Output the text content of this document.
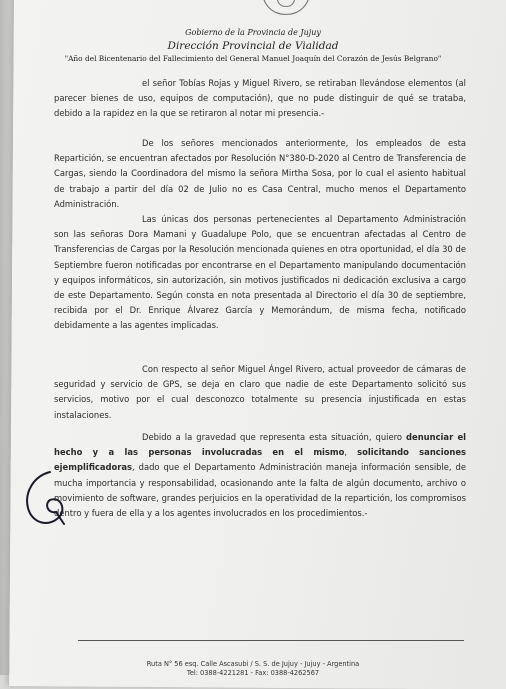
Gobierno de la Provincia de Jujuy
Dirección Provincial de Vialidad
"Año del Bicentenario del Fallecimiento del General Manuel Joaquín del Corazón de Jesús Belgrano"

el señor Tobías Rojas y Miguel Rivero, se retiraban llevándose elementos (al parecer bienes de uso, equipos de computación), que no pude distinguir de qué se trataba, debido a la rapidez en la que se retiraron al notar mi presencia.-

De los señores mencionados anteriormente, los empleados de esta Repartición, se encuentran afectados por Resolución N°380-D-2020 al Centro de Transferencia de Cargas, siendo la Coordinadora del mismo la señora Mirtha Sosa, por lo cual el asiento habitual de trabajo a partir del día 02 de Julio no es Casa Central, mucho menos el Departamento Administración.

Las únicas dos personas pertenecientes al Departamento Administración son las señoras Dora Mamani y Guadalupe Polo, que se encuentran afectadas al Centro de Transferencias de Cargas por la Resolución mencionada quienes en otra oportunidad, el día 30 de Septiembre fueron notificadas por encontrarse en el Departamento manipulando documentación y equipos informáticos, sin autorización, sin motivos justificados ni dedicación exclusiva a cargo de este Departamento. Según consta en nota presentada al Directorio el día 30 de septiembre, recibida por el Dr. Enrique Álvarez García y Memorándum, de misma fecha, notificado debidamente a las agentes implicadas.

Con respecto al señor Miguel Ángel Rivero, actual proveedor de cámaras de seguridad y servicio de GPS, se deja en claro que nadie de este Departamento solicitó sus servicios, motivo por el cual desconozco totalmente su presencia injustificada en estas instalaciones.

Debido a la gravedad que representa esta situación, quiero denunciar el hecho y a las personas involucradas en el mismo, solicitando sanciones ejemplificadoras, dado que el Departamento Administración maneja información sensible, de mucha importancia y responsabilidad, ocasionando ante la falta de algún documento, archivo o movimiento de software, grandes perjuicios en la operatividad de la repartición, los compromisos dentro y fuera de ella y a los agentes involucrados en los procedimientos.-

Ruta N° 56 esq. Calle Ascasubi / S. S. de Jujuy - Jujuy - Argentina
Tel: 0388-4221281 - Fax: 0388-4262567
